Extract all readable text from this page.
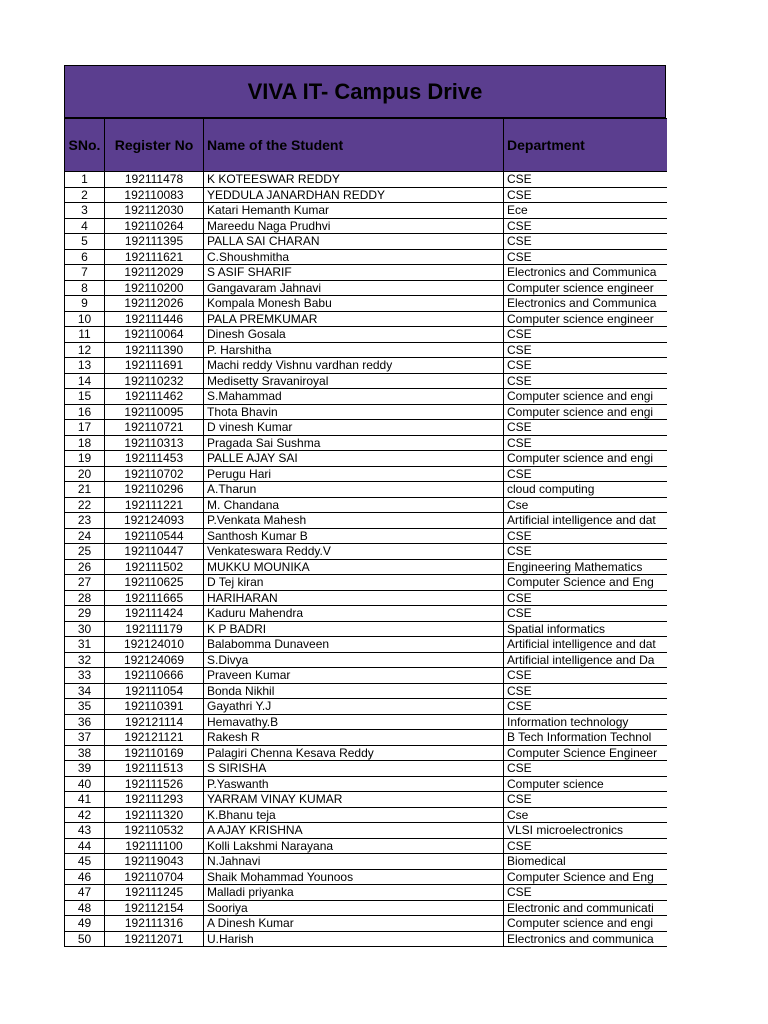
VIVA IT- Campus Drive
SNo.	Register No	Name of the Student	Department
1	192111478	K KOTEESWAR REDDY	CSE
2	192110083	YEDDULA JANARDHAN REDDY	CSE
3	192112030	Katari Hemanth Kumar	Ece
4	192110264	Mareedu Naga Prudhvi	CSE
5	192111395	PALLA SAI CHARAN	CSE
6	192111621	C.Shoushmitha	CSE
7	192112029	S ASIF SHARIF	Electronics and Communica
8	192110200	Gangavaram Jahnavi	Computer science engineer
9	192112026	Kompala Monesh Babu	Electronics and Communica
10	192111446	PALA PREMKUMAR	Computer science engineer
11	192110064	Dinesh Gosala	CSE
12	192111390	P. Harshitha	CSE
13	192111691	Machi reddy Vishnu vardhan reddy	CSE
14	192110232	Medisetty Sravaniroyal	CSE
15	192111462	S.Mahammad	Computer science and engi
16	192110095	Thota Bhavin	Computer science and engi
17	192110721	D vinesh Kumar	CSE
18	192110313	Pragada Sai Sushma	CSE
19	192111453	PALLE AJAY SAI	Computer science and engi
20	192110702	Perugu Hari	CSE
21	192110296	A.Tharun	cloud computing
22	192111221	M. Chandana	Cse
23	192124093	P.Venkata Mahesh	Artificial intelligence and dat
24	192110544	Santhosh Kumar B	CSE
25	192110447	Venkateswara Reddy.V	CSE
26	192111502	MUKKU MOUNIKA	Engineering Mathematics
27	192110625	D Tej kiran	Computer Science and Eng
28	192111665	HARIHARAN	CSE
29	192111424	Kaduru Mahendra	CSE
30	192111179	K P BADRI	Spatial informatics
31	192124010	Balabomma Dunaveen	Artificial intelligence and dat
32	192124069	S.Divya	Artificial intelligence and Da
33	192110666	Praveen Kumar	CSE
34	192111054	Bonda Nikhil	CSE
35	192110391	Gayathri Y.J	CSE
36	192121114	Hemavathy.B	Information technology
37	192121121	Rakesh R	B Tech Information Technol
38	192110169	Palagiri Chenna Kesava Reddy	Computer Science Engineer
39	192111513	S SIRISHA	CSE
40	192111526	P.Yaswanth	Computer science
41	192111293	YARRAM VINAY KUMAR	CSE
42	192111320	K.Bhanu teja	Cse
43	192110532	A AJAY KRISHNA	VLSI microelectronics
44	192111100	Kolli Lakshmi Narayana	CSE
45	192119043	N.Jahnavi	Biomedical
46	192110704	Shaik Mohammad Younoos	Computer Science and Eng
47	192111245	Malladi priyanka	CSE
48	192112154	Sooriya	Electronic and communicati
49	192111316	A Dinesh Kumar	Computer science and engi
50	192112071	U.Harish	Electronics and communica
